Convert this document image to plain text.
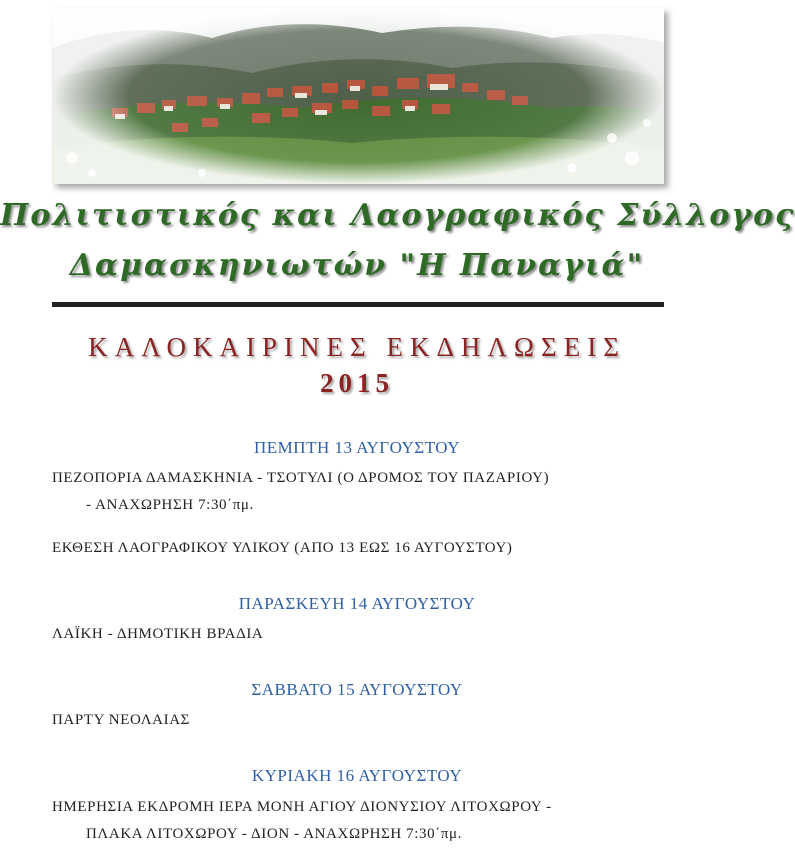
Πολιτιστικός και Λαογραφικός Σύλλογος
Δαμασκηνιωτών "Η Παναγιά"
ΚΑΛΟΚΑΙΡΙΝΕΣ ΕΚΔΗΛΩΣΕΙΣ
2015
ΠΕΜΠΤΗ 13 ΑΥΓΟΥΣΤΟΥ
ΠΕΖΟΠΟΡΙΑ ΔΑΜΑΣΚΗΝΙΑ - ΤΣΟΤΥΛΙ (Ο ΔΡΟΜΟΣ ΤΟΥ ΠΑΖΑΡΙΟΥ)
- ΑΝΑΧΩΡΗΣΗ 7:30΄πμ.
ΕΚΘΕΣΗ ΛΑΟΓΡΑΦΙΚΟΥ ΥΛΙΚΟΥ (ΑΠΟ 13 ΕΩΣ 16 ΑΥΓΟΥΣΤΟΥ)
ΠΑΡΑΣΚΕΥΗ 14 ΑΥΓΟΥΣΤΟΥ
ΛΑΪΚΗ - ΔΗΜΟΤΙΚΗ ΒΡΑΔΙΑ
ΣΑΒΒΑΤΟ 15 ΑΥΓΟΥΣΤΟΥ
ΠΑΡΤΥ ΝΕΟΛΑΙΑΣ
ΚΥΡΙΑΚΗ 16 ΑΥΓΟΥΣΤΟΥ
ΗΜΕΡΗΣΙΑ ΕΚΔΡΟΜΗ ΙΕΡΑ ΜΟΝΗ ΑΓΙΟΥ ΔΙΟΝΥΣΙΟΥ ΛΙΤΟΧΩΡΟΥ -
ΠΛΑΚΑ ΛΙΤΟΧΩΡΟΥ - ΔΙΟΝ - ΑΝΑΧΩΡΗΣΗ 7:30΄πμ.
